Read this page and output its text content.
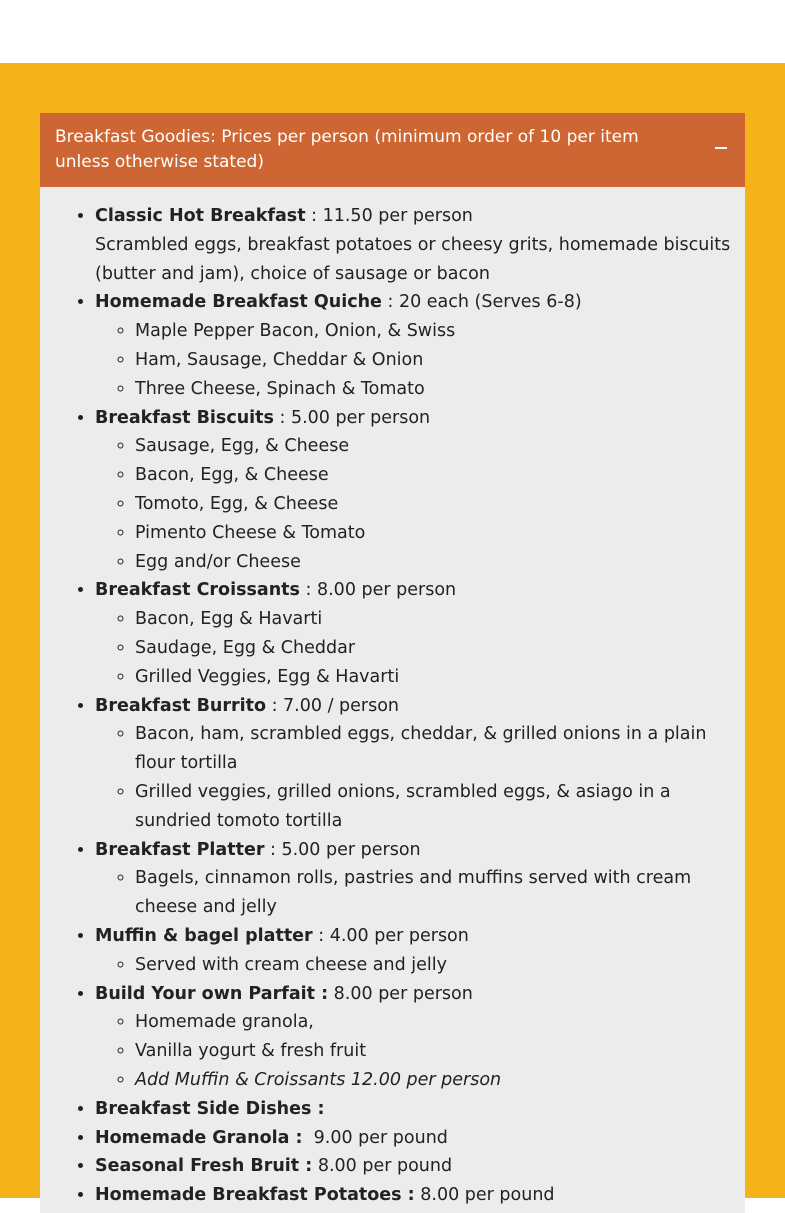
Breakfast Goodies: Prices per person (minimum order of 10 per item unless otherwise stated)
• Classic Hot Breakfast : 11.50 per person
Scrambled eggs, breakfast potatoes or cheesy grits, homemade biscuits (butter and jam), choice of sausage or bacon
• Homemade Breakfast Quiche : 20 each (Serves 6-8)
◦ Maple Pepper Bacon, Onion, & Swiss
◦ Ham, Sausage, Cheddar & Onion
◦ Three Cheese, Spinach & Tomato
• Breakfast Biscuits : 5.00 per person
◦ Sausage, Egg, & Cheese
◦ Bacon, Egg, & Cheese
◦ Tomoto, Egg, & Cheese
◦ Pimento Cheese & Tomato
◦ Egg and/or Cheese
• Breakfast Croissants : 8.00 per person
◦ Bacon, Egg & Havarti
◦ Saudage, Egg & Cheddar
◦ Grilled Veggies, Egg & Havarti
• Breakfast Burrito : 7.00 / person
◦ Bacon, ham, scrambled eggs, cheddar, & grilled onions in a plain flour tortilla
◦ Grilled veggies, grilled onions, scrambled eggs, & asiago in a sundried tomoto tortilla
• Breakfast Platter : 5.00 per person
◦ Bagels, cinnamon rolls, pastries and muffins served with cream cheese and jelly
• Muffin & bagel platter : 4.00 per person
◦ Served with cream cheese and jelly
• Build Your own Parfait : 8.00 per person
◦ Homemade granola,
◦ Vanilla yogurt & fresh fruit
◦ Add Muffin & Croissants 12.00 per person
• Breakfast Side Dishes :
• Homemade Granola :  9.00 per pound
• Seasonal Fresh Bruit : 8.00 per pound
• Homemade Breakfast Potatoes : 8.00 per pound
